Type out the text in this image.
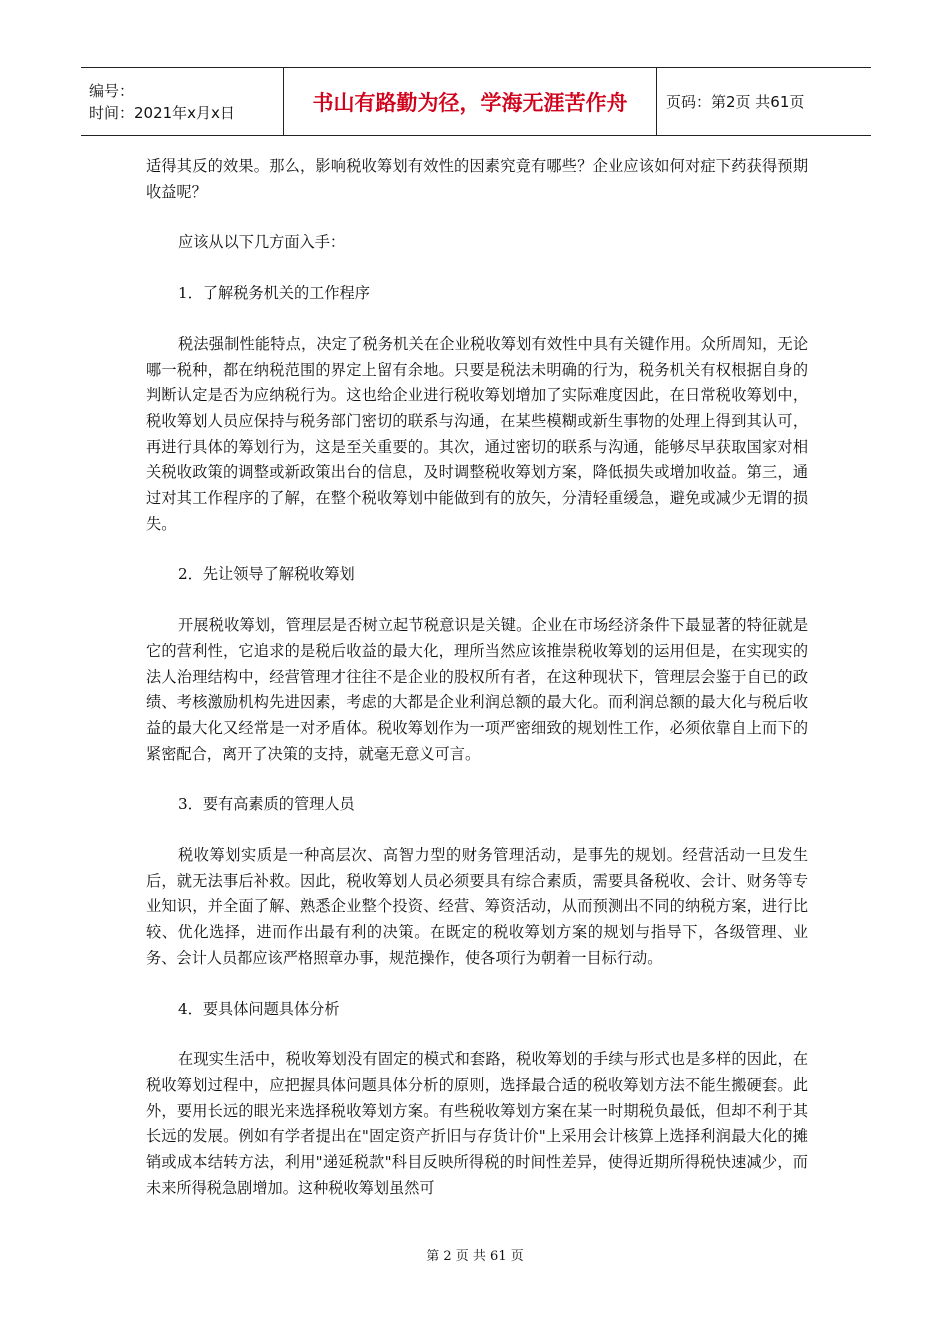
编号：
时间：2021年x月x日	书山有路勤为径，学海无涯苦作舟	页码：第2页 共61页

适得其反的效果。那么，影响税收筹划有效性的因素究竟有哪些？企业应该如何对症下药获得预期收益呢？

应该从以下几方面入手：

1．了解税务机关的工作程序

税法强制性能特点，决定了税务机关在企业税收筹划有效性中具有关键作用。众所周知，无论哪一税种，都在纳税范围的界定上留有余地。只要是税法未明确的行为，税务机关有权根据自身的判断认定是否为应纳税行为。这也给企业进行税收筹划增加了实际难度因此，在日常税收筹划中，税收筹划人员应保持与税务部门密切的联系与沟通，在某些模糊或新生事物的处理上得到其认可，再进行具体的筹划行为，这是至关重要的。其次，通过密切的联系与沟通，能够尽早获取国家对相关税收政策的调整或新政策出台的信息，及时调整税收筹划方案，降低损失或增加收益。第三，通过对其工作程序的了解，在整个税收筹划中能做到有的放矢，分清轻重缓急，避免或减少无谓的损失。

2．先让领导了解税收筹划

开展税收筹划，管理层是否树立起节税意识是关键。企业在市场经济条件下最显著的特征就是它的营利性，它追求的是税后收益的最大化，理所当然应该推崇税收筹划的运用但是，在实现实的法人治理结构中，经营管理才往往不是企业的股权所有者，在这种现状下，管理层会鉴于自已的政绩、考核激励机构先进因素，考虑的大都是企业利润总额的最大化。而利润总额的最大化与税后收益的最大化又经常是一对矛盾体。税收筹划作为一项严密细致的规划性工作，必须依靠自上而下的紧密配合，离开了决策的支持，就毫无意义可言。

3．要有高素质的管理人员

税收筹划实质是一种高层次、高智力型的财务管理活动，是事先的规划。经营活动一旦发生后，就无法事后补救。因此，税收筹划人员必须要具有综合素质，需要具备税收、会计、财务等专业知识，并全面了解、熟悉企业整个投资、经营、筹资活动，从而预测出不同的纳税方案，进行比较、优化选择，进而作出最有利的决策。在既定的税收筹划方案的规划与指导下，各级管理、业务、会计人员都应该严格照章办事，规范操作，使各项行为朝着一目标行动。

4．要具体问题具体分析

在现实生活中，税收筹划没有固定的模式和套路，税收筹划的手续与形式也是多样的因此，在税收筹划过程中，应把握具体问题具体分析的原则，选择最合适的税收筹划方法不能生搬硬套。此外，要用长远的眼光来选择税收筹划方案。有些税收筹划方案在某一时期税负最低，但却不利于其长远的发展。例如有学者提出在"固定资产折旧与存货计价"上采用会计核算上选择利润最大化的摊销或成本结转方法，利用"递延税款"科目反映所得税的时间性差异，使得近期所得税快速减少，而未来所得税急剧增加。这种税收筹划虽然可

第 2 页 共 61 页
